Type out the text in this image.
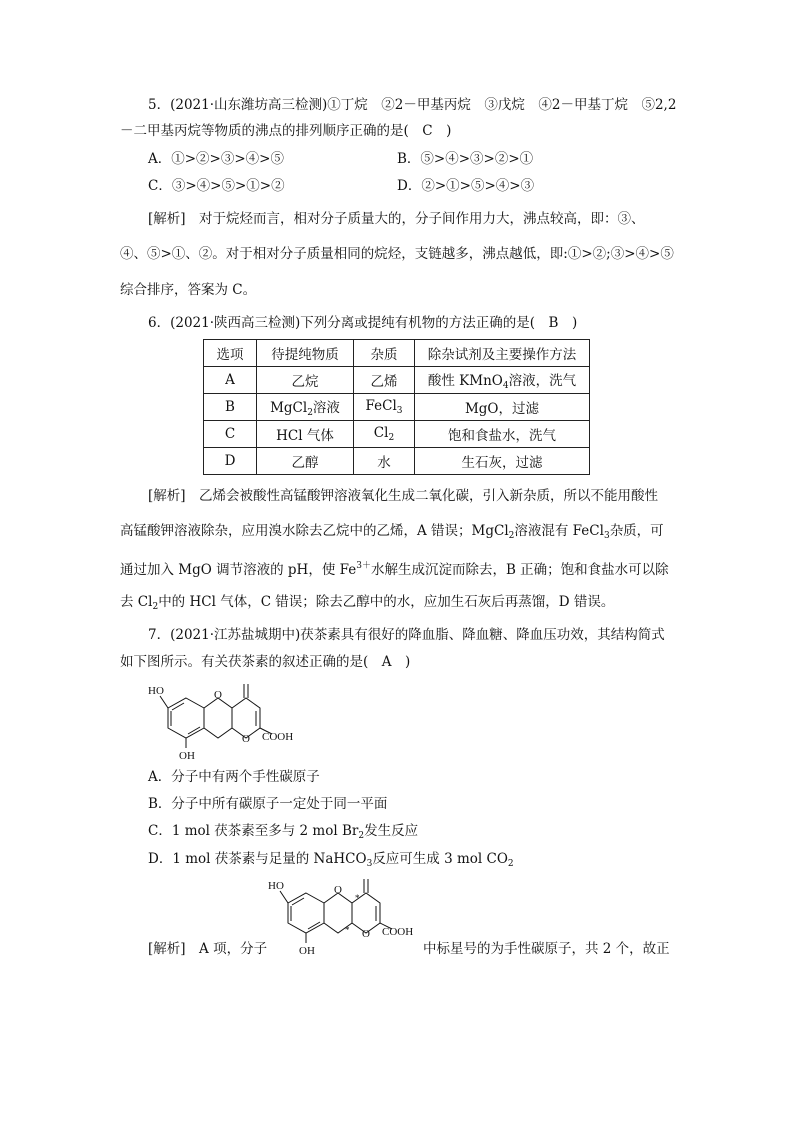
5．(2021·山东潍坊高三检测)①丁烷　②2－甲基丙烷　③戊烷　④2－甲基丁烷　⑤2,2
－二甲基丙烷等物质的沸点的排列顺序正确的是(　C　)
A．①>②>③>④>⑤	B．⑤>④>③>②>①
C．③>④>⑤>①>②	D．②>①>⑤>④>③
[解析]　对于烷烃而言，相对分子质量大的，分子间作用力大，沸点较高，即：③、
④、⑤>①、②。对于相对分子质量相同的烷烃，支链越多，沸点越低，即:①>②;③>④>⑤
综合排序，答案为 C。
6．(2021·陕西高三检测)下列分离或提纯有机物的方法正确的是(　B　)
选项	待提纯物质	杂质	除杂试剂及主要操作方法
A	乙烷	乙烯	酸性 KMnO$_4$溶液，洗气
B	MgCl$_2$溶液	FeCl$_3$	MgO，过滤
C	HCl 气体	$Cl_2$	饱和食盐水，洗气
D	乙醇	水	生石灰，过滤
[解析]　乙烯会被酸性高锰酸钾溶液氧化生成二氧化碳，引入新杂质，所以不能用酸性
高锰酸钾溶液除杂，应用溴水除去乙烷中的乙烯，A 错误；MgCl$_2$溶液混有 FeCl$_3$杂质，可
通过加入 MgO 调节溶液的 pH，使 $Fe^{3+}$水解生成沉淀而除去，B 正确；饱和食盐水可以除
去 $Cl_2$中的 HCl 气体，C 错误；除去乙醇中的水，应加生石灰后再蒸馏，D 错误。
7．(2021·江苏盐城期中)茯茶素具有很好的降血脂、降血糖、降血压功效，其结构简式
如下图所示。有关茯茶素的叙述正确的是(　A　)
HO
OH
O
O COOH
A．分子中有两个手性碳原子
B．分子中所有碳原子一定处于同一平面
C．1 mol 茯茶素至多与 2 mol $Br_2$发生反应
D．1 mol 茯茶素与足量的 NaHCO$_3$反应可生成 3 mol $CO_2$
HO
OH
O
O COOH
*
*
[解析]　A 项，分子	中标星号的为手性碳原子，共 2 个，故正
